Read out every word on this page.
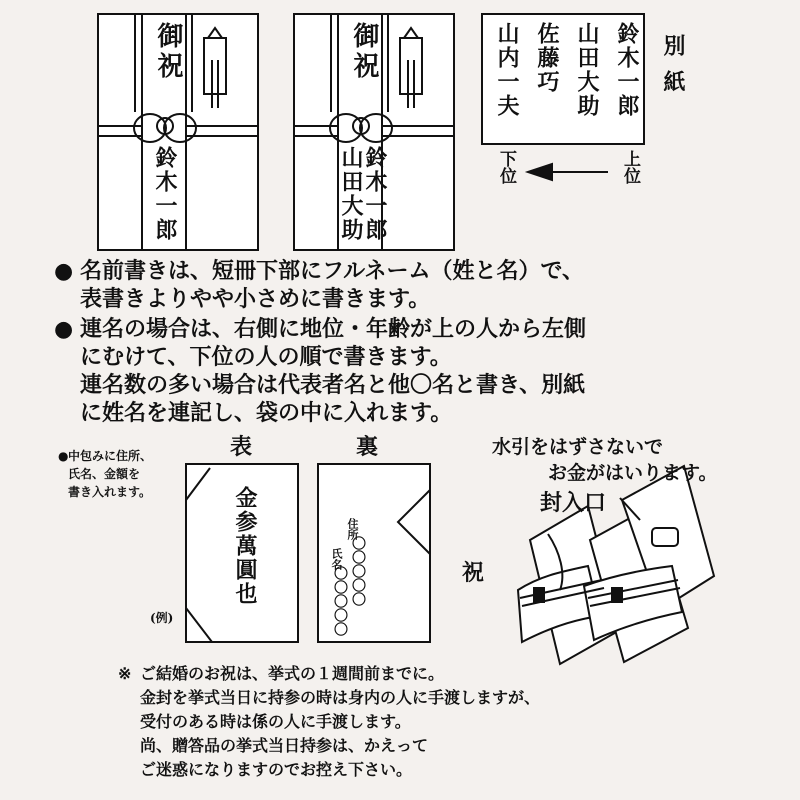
御祝
鈴木一郎
御祝
鈴木一郎
山田大助
鈴木一郎
山田大助
佐藤巧
山内一夫	別紙
上位
下位
● 名前書きは、短冊下部にフルネーム（姓と名）で、
表書きよりやや小さめに書きます。
● 連名の場合は、右側に地位・年齢が上の人から左側
にむけて、下位の人の順で書きます。
連名数の多い場合は代表者名と他〇名と書き、別紙
に姓名を連記し、袋の中に入れます。
● 中包みに住所、
氏名、金額を
書き入れます。
(例)
表	裏
金参萬圓也	住所
氏名 〇〇〇〇〇
〇〇〇〇〇
水引をはずさないで
お金がはいります。
封入口
祝
※ ご結婚のお祝は、挙式の１週間前までに。
金封を挙式当日に持参の時は身内の人に手渡しますが、
受付のある時は係の人に手渡します。
尚、贈答品の挙式当日持参は、かえって
ご迷惑になりますのでお控え下さい。
